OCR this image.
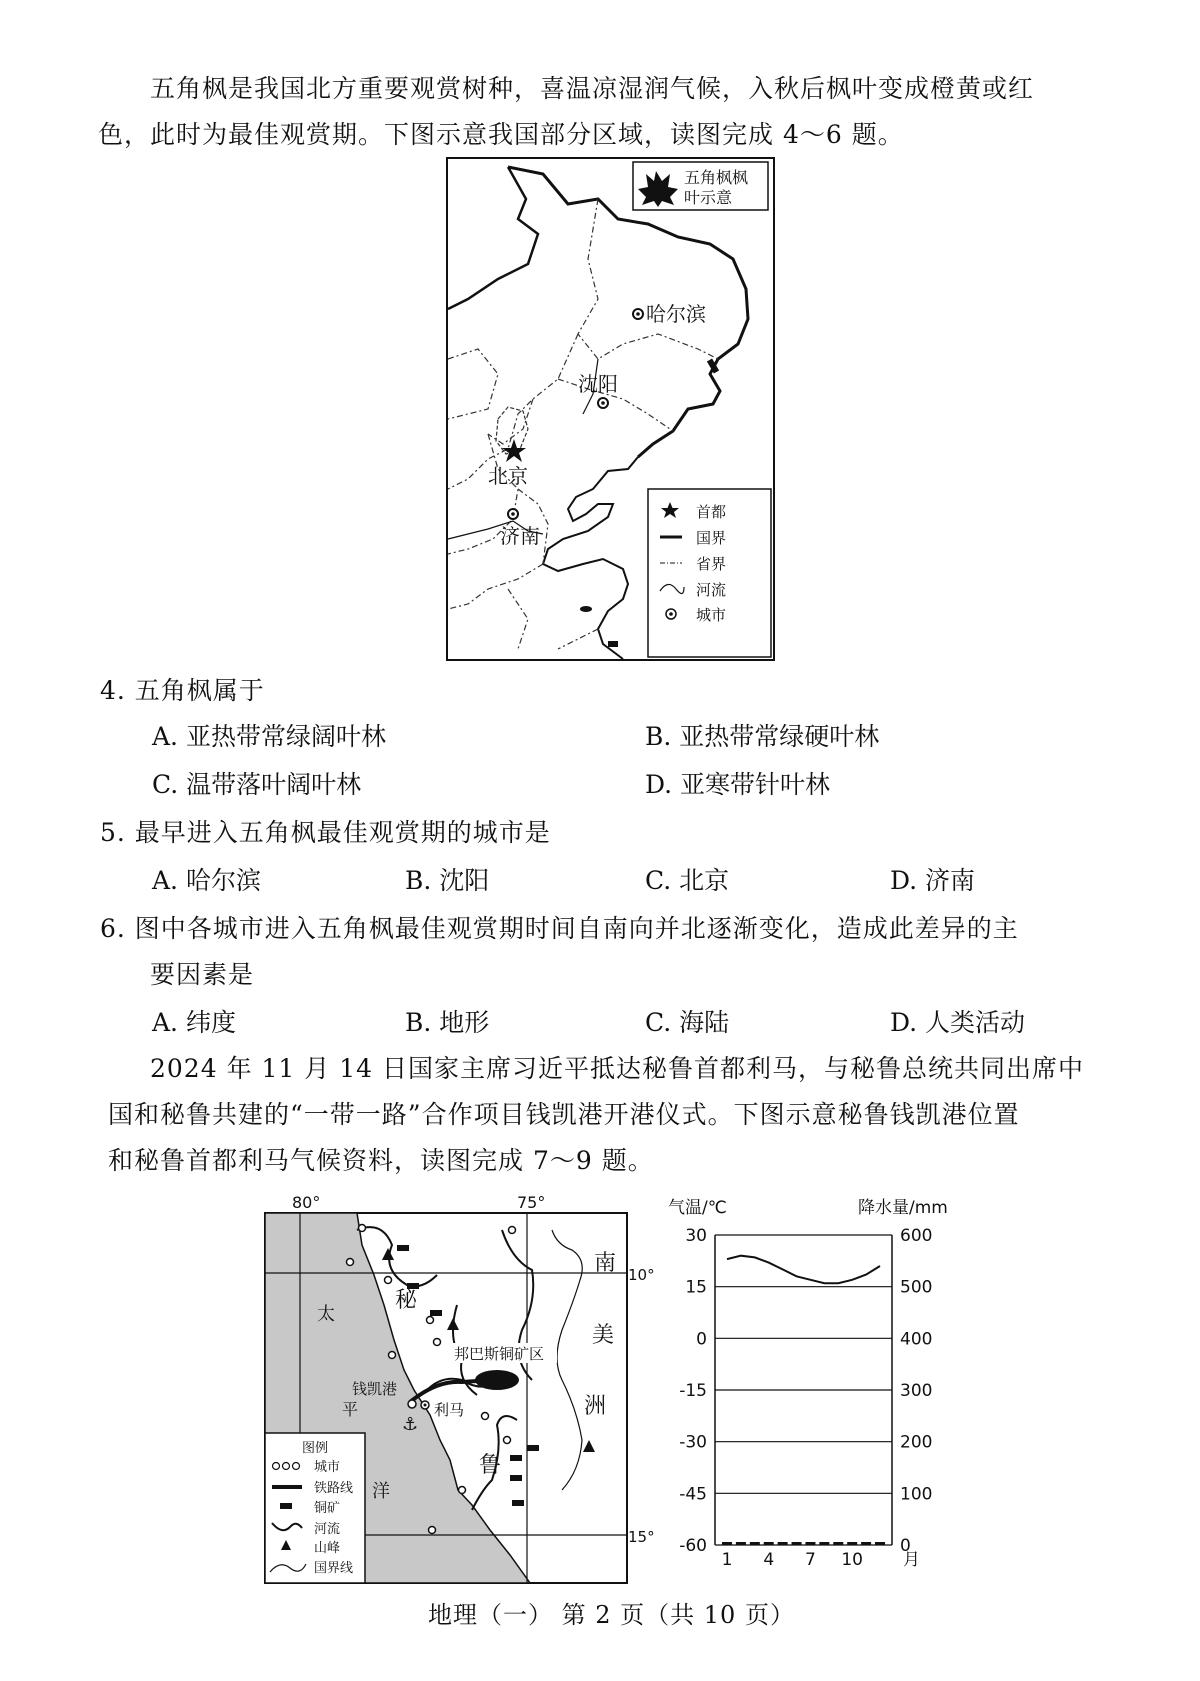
五角枫是我国北方重要观赏树种，喜温凉湿润气候，入秋后枫叶变成橙黄或红
色，此时为最佳观赏期。下图示意我国部分区域，读图完成 4～6 题。
五角枫枫
叶示意
哈尔滨
沈阳
北京
济南
首都
国界
省界
河流
城市
4. 五角枫属于
A. 亚热带常绿阔叶林	B. 亚热带常绿硬叶林
C. 温带落叶阔叶林	D. 亚寒带针叶林
5. 最早进入五角枫最佳观赏期的城市是
A. 哈尔滨	B. 沈阳	C. 北京	D. 济南
6. 图中各城市进入五角枫最佳观赏期时间自南向并北逐渐变化，造成此差异的主
要因素是
A. 纬度	B. 地形	C. 海陆	D. 人类活动
2024 年 11 月 14 日国家主席习近平抵达秘鲁首都利马，与秘鲁总统共同出席中
国和秘鲁共建的“一带一路”合作项目钱凯港开港仪式。下图示意秘鲁钱凯港位置
和秘鲁首都利马气候资料，读图完成 7～9 题。
80°	75°
10°
15°
太
平
洋
邦巴斯铜矿区
⚓
钱凯港
利马
秘
鲁
南
美
洲
图例
城市
铁路线
铜矿
河流
山峰
国界线
气温/℃	降水量/mm
30
15
0
-15
-30
-45
-60
600
500
400
300
200
100
0
1 4 7 10 月
地理（一） 第 2 页（共 10 页）
